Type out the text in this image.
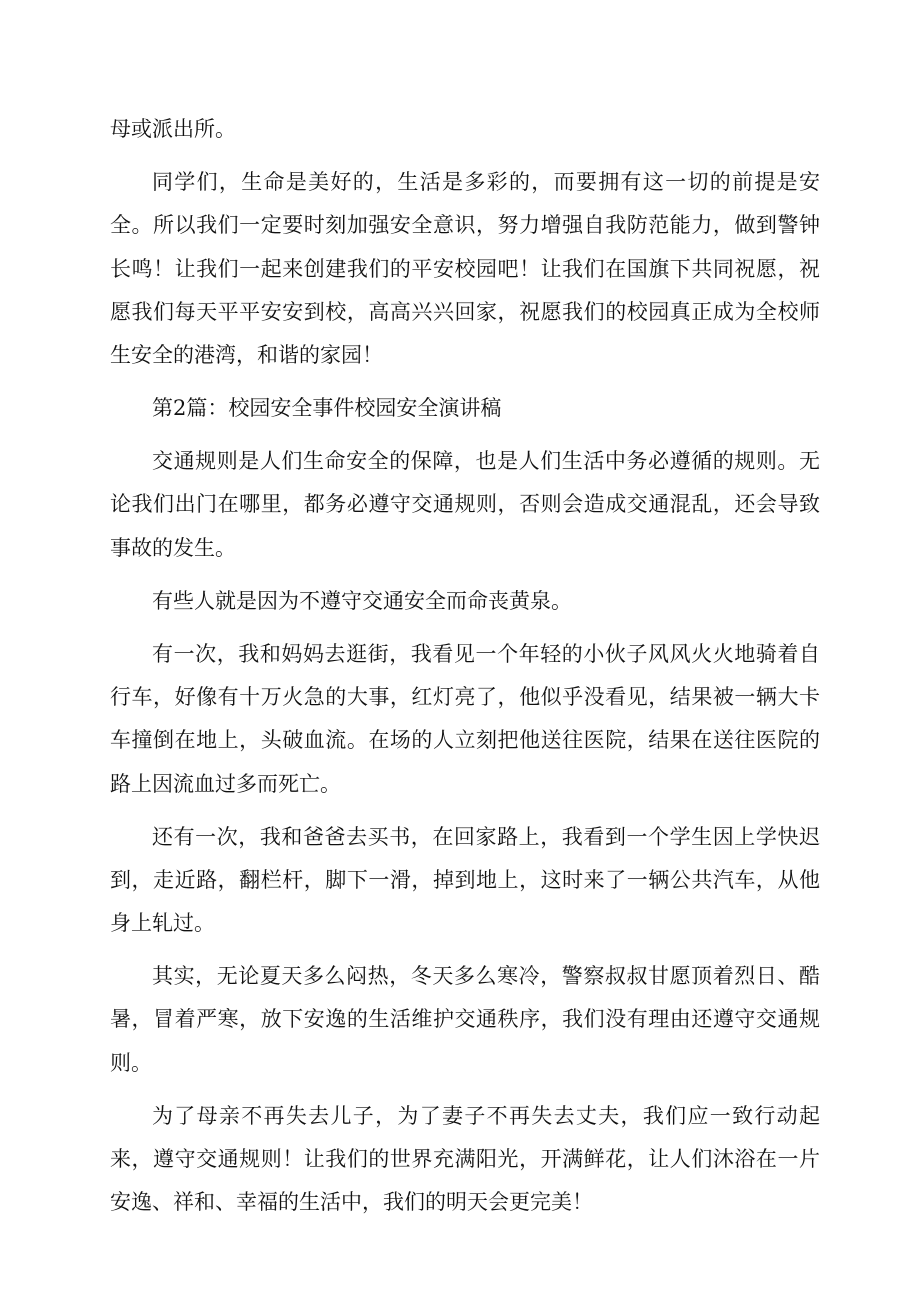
母或派出所。

同学们，生命是美好的，生活是多彩的，而要拥有这一切的前提是安全。所以我们一定要时刻加强安全意识，努力增强自我防范能力，做到警钟长鸣！让我们一起来创建我们的平安校园吧！让我们在国旗下共同祝愿，祝愿我们每天平平安安到校，高高兴兴回家，祝愿我们的校园真正成为全校师生安全的港湾，和谐的家园！

第2篇：校园安全事件校园安全演讲稿

交通规则是人们生命安全的保障，也是人们生活中务必遵循的规则。无论我们出门在哪里，都务必遵守交通规则，否则会造成交通混乱，还会导致事故的发生。

有些人就是因为不遵守交通安全而命丧黄泉。

有一次，我和妈妈去逛街，我看见一个年轻的小伙子风风火火地骑着自行车，好像有十万火急的大事，红灯亮了，他似乎没看见，结果被一辆大卡车撞倒在地上，头破血流。在场的人立刻把他送往医院，结果在送往医院的路上因流血过多而死亡。

还有一次，我和爸爸去买书，在回家路上，我看到一个学生因上学快迟到，走近路，翻栏杆，脚下一滑，掉到地上，这时来了一辆公共汽车，从他身上轧过。

其实，无论夏天多么闷热，冬天多么寒冷，警察叔叔甘愿顶着烈日、酷暑，冒着严寒，放下安逸的生活维护交通秩序，我们没有理由还遵守交通规则。

为了母亲不再失去儿子，为了妻子不再失去丈夫，我们应一致行动起来，遵守交通规则！让我们的世界充满阳光，开满鲜花，让人们沐浴在一片安逸、祥和、幸福的生活中，我们的明天会更完美！
